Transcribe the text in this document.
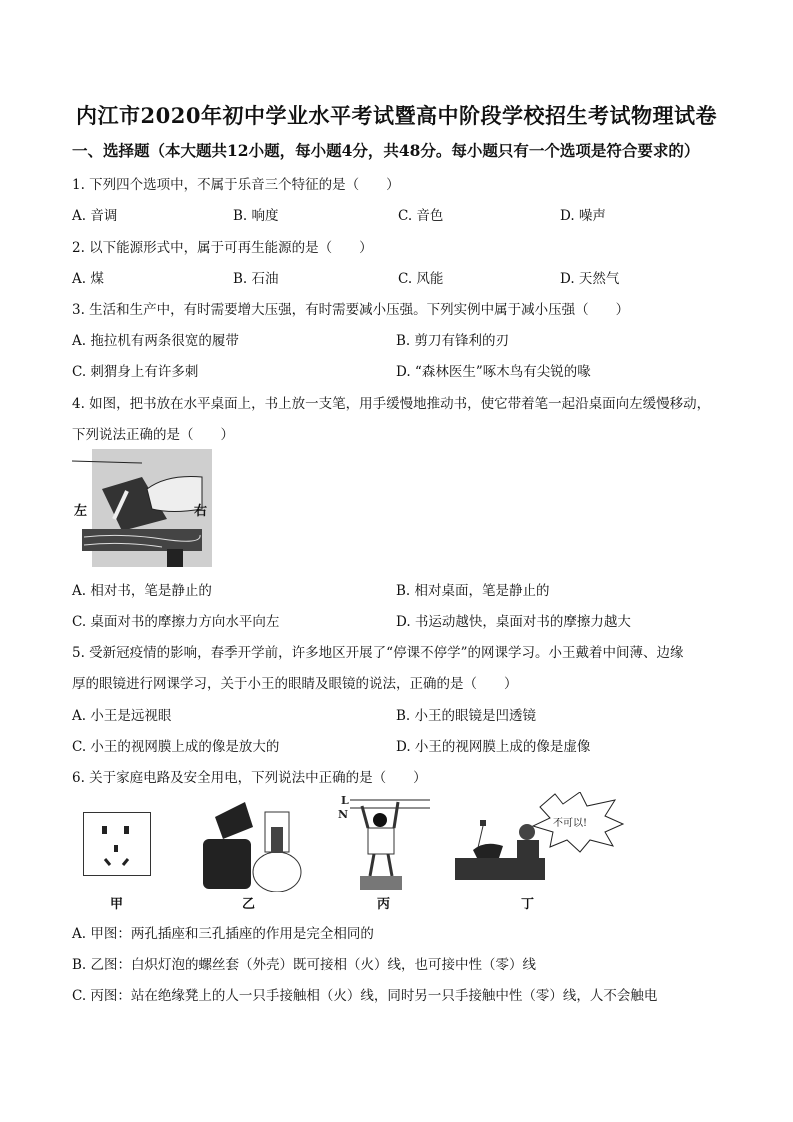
内江市2020年初中学业水平考试暨高中阶段学校招生考试物理试卷
一、选择题（本大题共12小题，每小题4分，共48分。每小题只有一个选项是符合要求的）
1. 下列四个选项中，不属于乐音三个特征的是（　　）
A. 音调	B. 响度	C. 音色	D. 噪声
2. 以下能源形式中，属于可再生能源的是（　　）
A. 煤	B. 石油	C. 风能	D. 天然气
3. 生活和生产中，有时需要增大压强，有时需要减小压强。下列实例中属于减小压强（　　）
A. 拖拉机有两条很宽的履带	B. 剪刀有锋利的刃
C. 刺猬身上有许多刺	D. “森林医生”啄木鸟有尖锐的喙
4. 如图，把书放在水平桌面上，书上放一支笔，用手缓慢地推动书，使它带着笔一起沿桌面向左缓慢移动，
下列说法正确的是（　　）
左	右
A. 相对书，笔是静止的	B. 相对桌面，笔是静止的
C. 桌面对书的摩擦力方向水平向左	D. 书运动越快，桌面对书的摩擦力越大
5. 受新冠疫情的影响，春季开学前，许多地区开展了“停课不停学”的网课学习。小王戴着中间薄、边缘
厚的眼镜进行网课学习，关于小王的眼睛及眼镜的说法，正确的是（　　）
A. 小王是远视眼	B. 小王的眼镜是凹透镜
C. 小王的视网膜上成的像是放大的	D. 小王的视网膜上成的像是虚像
6. 关于家庭电路及安全用电，下列说法中正确的是（　　）
甲	乙
L
N
丙
不可以!
丁
A. 甲图：两孔插座和三孔插座的作用是完全相同的
B. 乙图：白炽灯泡的螺丝套（外壳）既可接相（火）线，也可接中性（零）线
C. 丙图：站在绝缘凳上的人一只手接触相（火）线，同时另一只手接触中性（零）线，人不会触电
